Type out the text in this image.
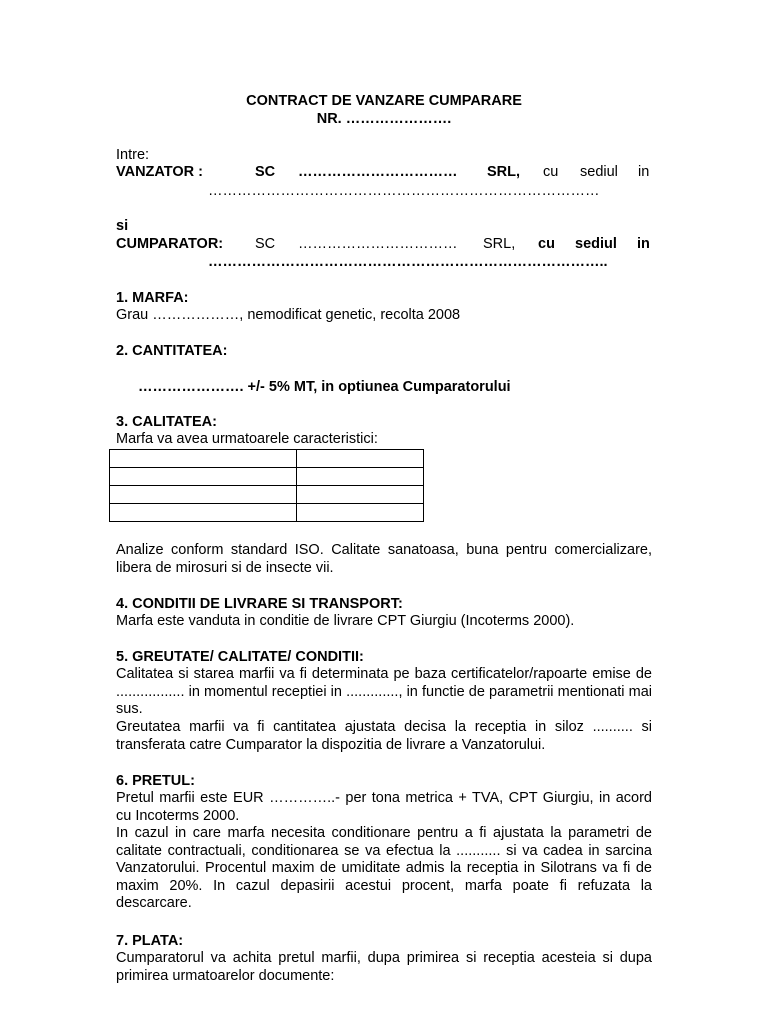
CONTRACT DE VANZARE CUMPARARE
NR. ………………….
Intre:
VANZATOR :	SC …………………………… SRL, cu sediul in
………………………………………………………………………
si
CUMPARATOR: SC …………………………… SRL, cu sediul in
………………………………………………………………………..
1. MARFA:
Grau ………………, nemodificat genetic, recolta 2008
2. CANTITATEA:
…………………. +/- 5% MT, in optiunea Cumparatorului
3. CALITATEA:
Marfa va avea urmatoarele caracteristici:

Analize conform standard ISO. Calitate sanatoasa, buna pentru comercializare, libera de mirosuri si de insecte vii.
4. CONDITII DE LIVRARE SI TRANSPORT:
Marfa este vanduta in conditie de livrare CPT Giurgiu (Incoterms 2000).
5. GREUTATE/ CALITATE/ CONDITII:
Calitatea si starea marfii va fi determinata pe baza certificatelor/rapoarte emise de ................. in momentul receptiei in ............., in functie de parametrii mentionati mai sus.
Greutatea marfii va fi cantitatea ajustata decisa la receptia in siloz .......... si transferata catre Cumparator la dispozitia de livrare a Vanzatorului.
6. PRETUL:
Pretul marfii este EUR …………..- per tona metrica + TVA, CPT Giurgiu, in acord cu Incoterms 2000.
In cazul in care marfa necesita conditionare pentru a fi ajustata la parametri de calitate contractuali, conditionarea se va efectua la ........... si va cadea in sarcina Vanzatorului. Procentul maxim de umiditate admis la receptia in Silotrans va fi de maxim 20%. In cazul depasirii acestui procent, marfa poate fi refuzata la descarcare.
7. PLATA:
Cumparatorul va achita pretul marfii, dupa primirea si receptia acesteia si dupa primirea urmatoarelor documente:
